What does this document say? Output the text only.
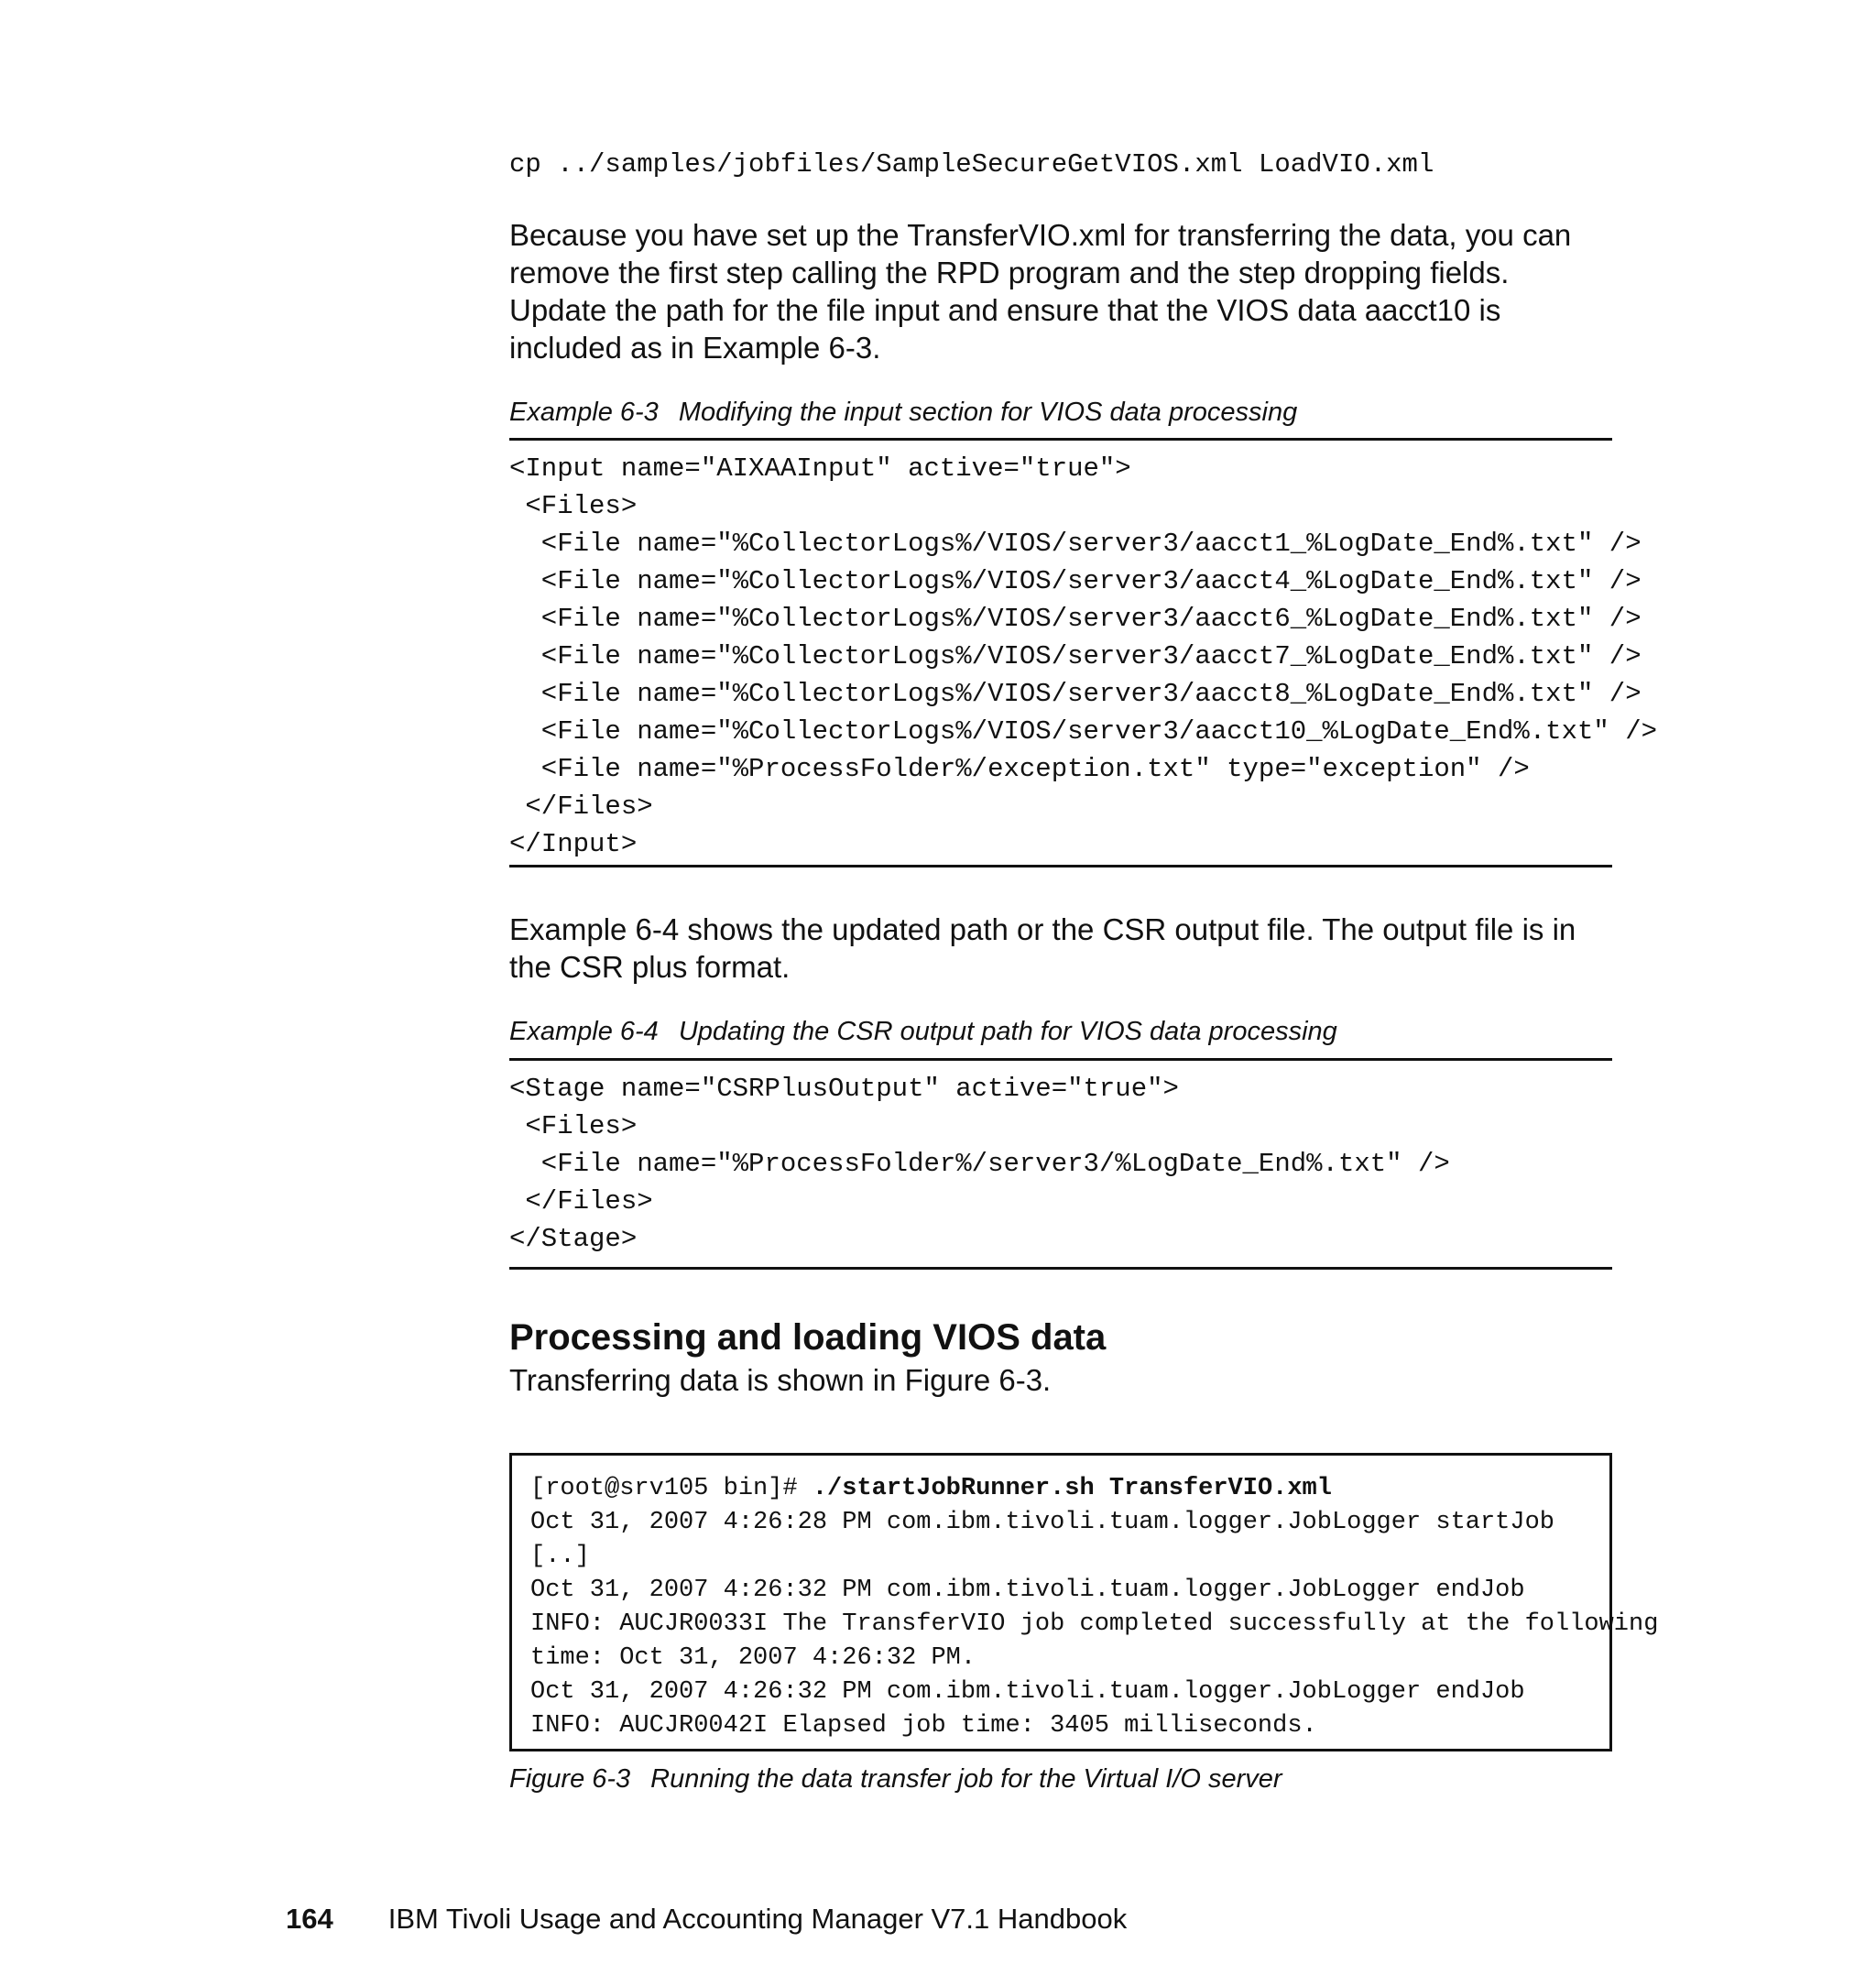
cp ../samples/jobfiles/SampleSecureGetVIOS.xml LoadVIO.xml

Because you have set up the TransferVIO.xml for transferring the data, you can

remove the first step calling the RPD program and the step dropping fields.

Update the path for the file input and ensure that the VIOS data aacct10 is

included as in Example 6-3.

Example 6-3 Modifying the input section for VIOS data processing
<Input name="AIXAAInput" active="true">
<Files>
<File name="%CollectorLogs%/VIOS/server3/aacct1_%LogDate_End%.txt" />
<File name="%CollectorLogs%/VIOS/server3/aacct4_%LogDate_End%.txt" />
<File name="%CollectorLogs%/VIOS/server3/aacct6_%LogDate_End%.txt" />
<File name="%CollectorLogs%/VIOS/server3/aacct7_%LogDate_End%.txt" />
<File name="%CollectorLogs%/VIOS/server3/aacct8_%LogDate_End%.txt" />
<File name="%CollectorLogs%/VIOS/server3/aacct10_%LogDate_End%.txt" />
<File name="%ProcessFolder%/exception.txt" type="exception" />
</Files>
</Input>

Example 6-4 shows the updated path or the CSR output file. The output file is in

the CSR plus format.

Example 6-4 Updating the CSR output path for VIOS data processing
<Stage name="CSRPlusOutput" active="true">
<Files>
<File name="%ProcessFolder%/server3/%LogDate_End%.txt" />
</Files>
</Stage>
Processing and loading VIOS data

Transferring data is shown in Figure 6-3.

[root@srv105 bin]# ./startJobRunner.sh TransferVIO.xml
Oct 31, 2007 4:26:28 PM com.ibm.tivoli.tuam.logger.JobLogger startJob
[..]
Oct 31, 2007 4:26:32 PM com.ibm.tivoli.tuam.logger.JobLogger endJob
INFO: AUCJR0033I The TransferVIO job completed successfully at the following
time: Oct 31, 2007 4:26:32 PM.
Oct 31, 2007 4:26:32 PM com.ibm.tivoli.tuam.logger.JobLogger endJob
INFO: AUCJR0042I Elapsed job time: 3405 milliseconds.
Figure 6-3 Running the data transfer job for the Virtual I/O server
164 IBM Tivoli Usage and Accounting Manager V7.1 Handbook
